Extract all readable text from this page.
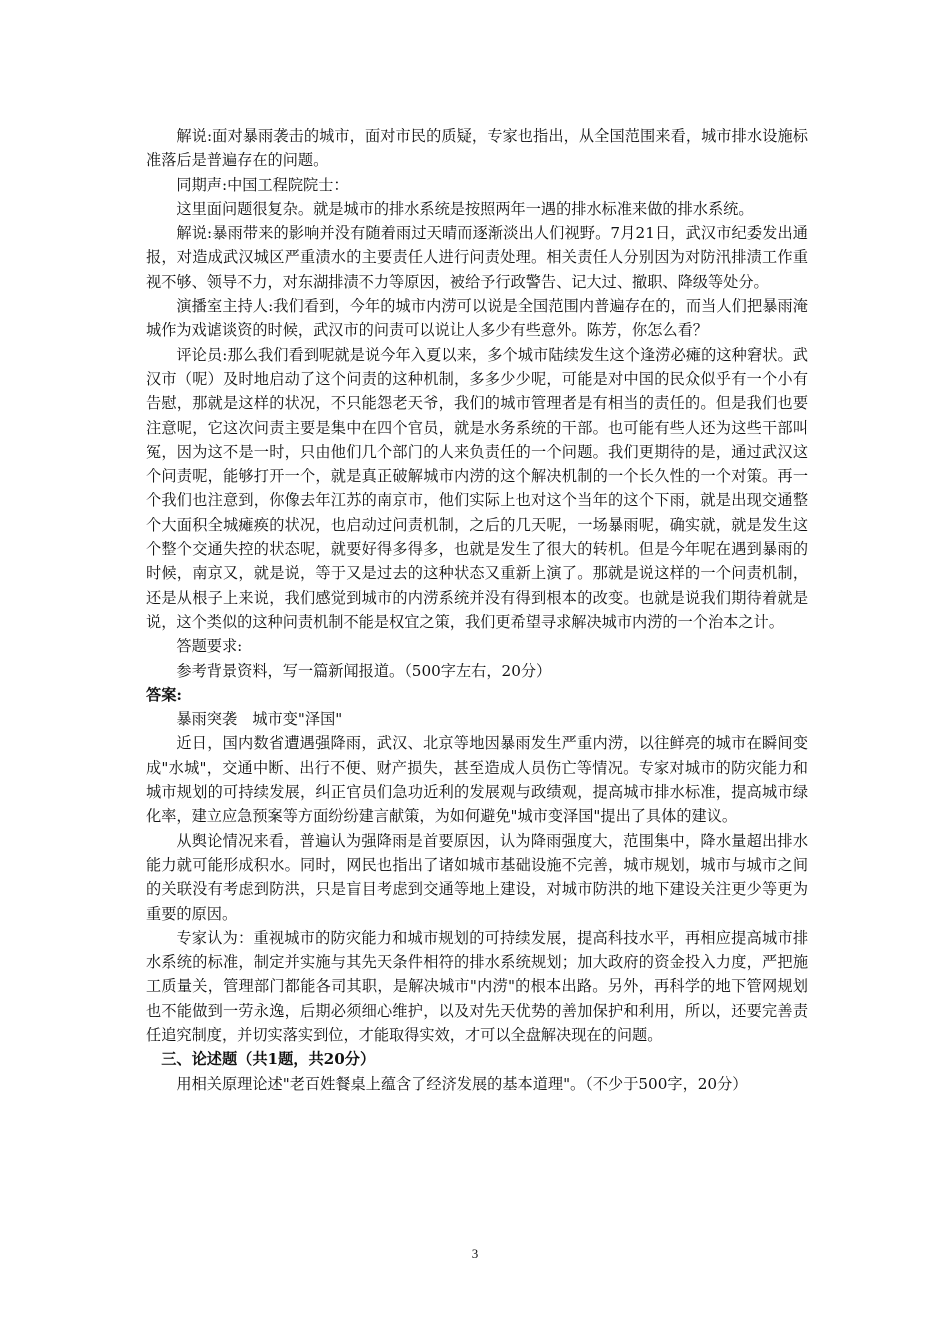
解说:面对暴雨袭击的城市，面对市民的质疑，专家也指出，从全国范围来看，城市排水设施标准落后是普遍存在的问题。

同期声:中国工程院院士：

这里面问题很复杂。就是城市的排水系统是按照两年一遇的排水标准来做的排水系统。

解说:暴雨带来的影响并没有随着雨过天晴而逐渐淡出人们视野。7月21日，武汉市纪委发出通报，对造成武汉城区严重渍水的主要责任人进行问责处理。相关责任人分别因为对防汛排渍工作重视不够、领导不力，对东湖排渍不力等原因，被给予行政警告、记大过、撤职、降级等处分。

演播室主持人:我们看到，今年的城市内涝可以说是全国范围内普遍存在的，而当人们把暴雨淹城作为戏谑谈资的时候，武汉市的问责可以说让人多少有些意外。陈芳，你怎么看？

评论员:那么我们看到呢就是说今年入夏以来，多个城市陆续发生这个逢涝必瘫的这种窘状。武汉市（呢）及时地启动了这个问责的这种机制，多多少少呢，可能是对中国的民众似乎有一个小有告慰，那就是这样的状况，不只能怨老天爷，我们的城市管理者是有相当的责任的。但是我们也要注意呢，它这次问责主要是集中在四个官员，就是水务系统的干部。也可能有些人还为这些干部叫冤，因为这不是一时，只由他们几个部门的人来负责任的一个问题。我们更期待的是，通过武汉这个问责呢，能够打开一个，就是真正破解城市内涝的这个解决机制的一个长久性的一个对策。再一个我们也注意到，你像去年江苏的南京市，他们实际上也对这个当年的这个下雨，就是出现交通整个大面积全城瘫痪的状况，也启动过问责机制，之后的几天呢，一场暴雨呢，确实就，就是发生这个整个交通失控的状态呢，就要好得多得多，也就是发生了很大的转机。但是今年呢在遇到暴雨的时候，南京又，就是说，等于又是过去的这种状态又重新上演了。那就是说这样的一个问责机制，还是从根子上来说，我们感觉到城市的内涝系统并没有得到根本的改变。也就是说我们期待着就是说，这个类似的这种问责机制不能是权宜之策，我们更希望寻求解决城市内涝的一个治本之计。

答题要求:

参考背景资料，写一篇新闻报道。（500字左右，20分）

答案:

暴雨突袭　城市变"泽国"

近日，国内数省遭遇强降雨，武汉、北京等地因暴雨发生严重内涝，以往鲜亮的城市在瞬间变成"水城"，交通中断、出行不便、财产损失，甚至造成人员伤亡等情况。专家对城市的防灾能力和城市规划的可持续发展，纠正官员们急功近利的发展观与政绩观，提高城市排水标准，提高城市绿化率，建立应急预案等方面纷纷建言献策，为如何避免"城市变泽国"提出了具体的建议。

从舆论情况来看，普遍认为强降雨是首要原因，认为降雨强度大，范围集中，降水量超出排水能力就可能形成积水。同时，网民也指出了诸如城市基础设施不完善，城市规划，城市与城市之间的关联没有考虑到防洪，只是盲目考虑到交通等地上建设，对城市防洪的地下建设关注更少等更为重要的原因。

专家认为：重视城市的防灾能力和城市规划的可持续发展，提高科技水平，再相应提高城市排水系统的标准，制定并实施与其先天条件相符的排水系统规划；加大政府的资金投入力度，严把施工质量关，管理部门都能各司其职，是解决城市"内涝"的根本出路。另外，再科学的地下管网规划也不能做到一劳永逸，后期必须细心维护，以及对先天优势的善加保护和利用，所以，还要完善责任追究制度，并切实落实到位，才能取得实效，才可以全盘解决现在的问题。

三、论述题（共1题，共20分）

用相关原理论述"老百姓餐桌上蕴含了经济发展的基本道理"。（不少于500字，20分）

3
